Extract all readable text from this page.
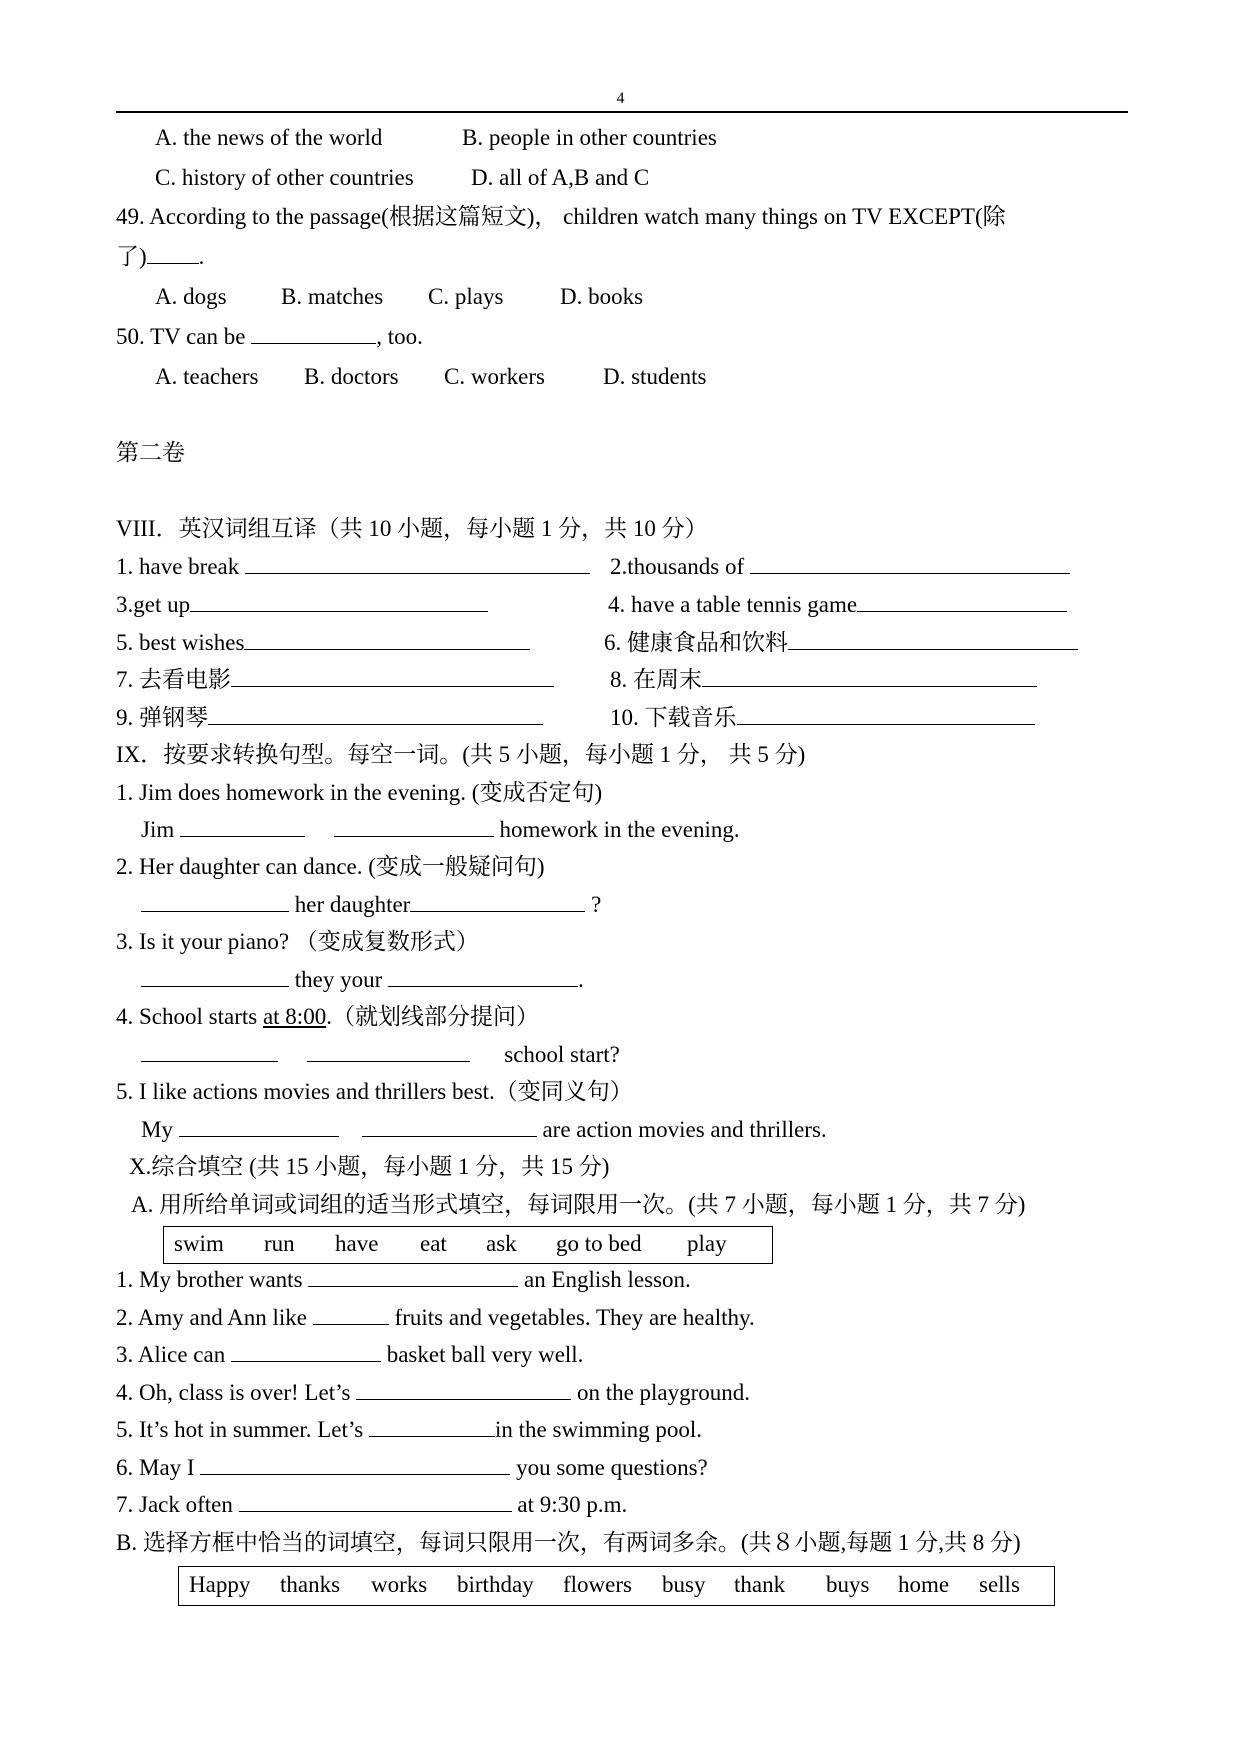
4
A. the news of the world	B. people in other countries
C. history of other countries D. all of A,B and C
49. According to the passage(根据这篇短文)， children watch many things on TV EXCEPT(除
了) .
A. dogs B. matches C. plays D. books
50. TV can be	, too.
A. teachers B. doctors C. workers	D. students
第二卷
VIII．英汉词组互译（共 10 小题，每小题 1 分，共 10 分）
1. have break	2.thousands of
3.get up	4. have a table tennis game
5. best wishes	6. 健康食品和饮料
7. 去看电影	8. 在周末
9. 弹钢琴	10. 下载音乐
IX．按要求转换句型。每空一词。(共 5 小题，每小题 1 分， 共 5 分)
1. Jim does homework in the evening. (变成否定句)
Jim	homework in the evening.
2. Her daughter can dance. (变成一般疑问句)
her daughter	?
3. Is it your piano? （变成复数形式）
they your	.
4. School starts at 8:00.（就划线部分提问）
school start?
5. I like actions movies and thrillers best.（变同义句）
My	are action movies and thrillers.
X.综合填空 (共 15 小题，每小题 1 分，共 15 分)
A. 用所给单词或词组的适当形式填空，每词限用一次。(共 7 小题，每小题 1 分，共 7 分)
swim run have eat ask go to bed play
1. My brother wants	an English lesson.
2. Amy and Ann like	fruits and vegetables. They are healthy.
3. Alice can	basket ball very well.
4. Oh, class is over! Let’s	on the playground.
5. It’s hot in summer. Let’s	in the swimming pool.
6. May I	you some questions?
7. Jack often	at 9:30 p.m.
B. 选择方框中恰当的词填空，每词只限用一次，有两词多余。(共８小题,每题 1 分,共 8 分)
Happy thanks works birthday flowers busy thank buys home sells
